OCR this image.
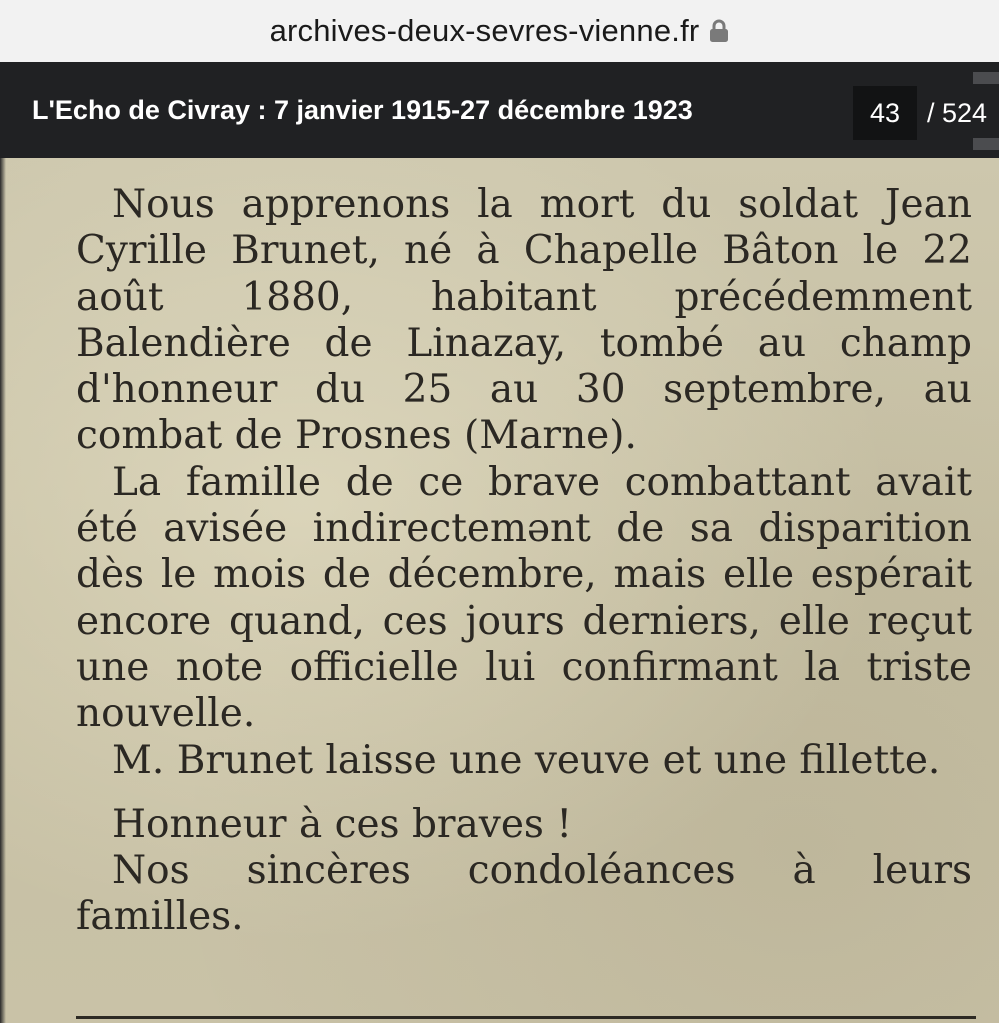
archives-deux-sevres-vienne.fr
L'Echo de Civray : 7 janvier 1915-27 décembre 1923	43 / 524

Nous apprenons la mort du soldat Jean Cyrille Brunet, né à Chapelle Bâton le 22 août 1880, habitant précédemment Balendière de Linazay, tombé au champ d'honneur du 25 au 30 septembre, au combat de Prosnes (Marne).

La famille de ce brave combattant avait été avisée indirectemənt de sa disparition dès le mois de décembre, mais elle espérait encore quand, ces jours derniers, elle reçut une note officielle lui confirmant la triste nouvelle.

M. Brunet laisse une veuve et une fillette.

Honneur à ces braves !

Nos sincères condoléances à leurs familles.
